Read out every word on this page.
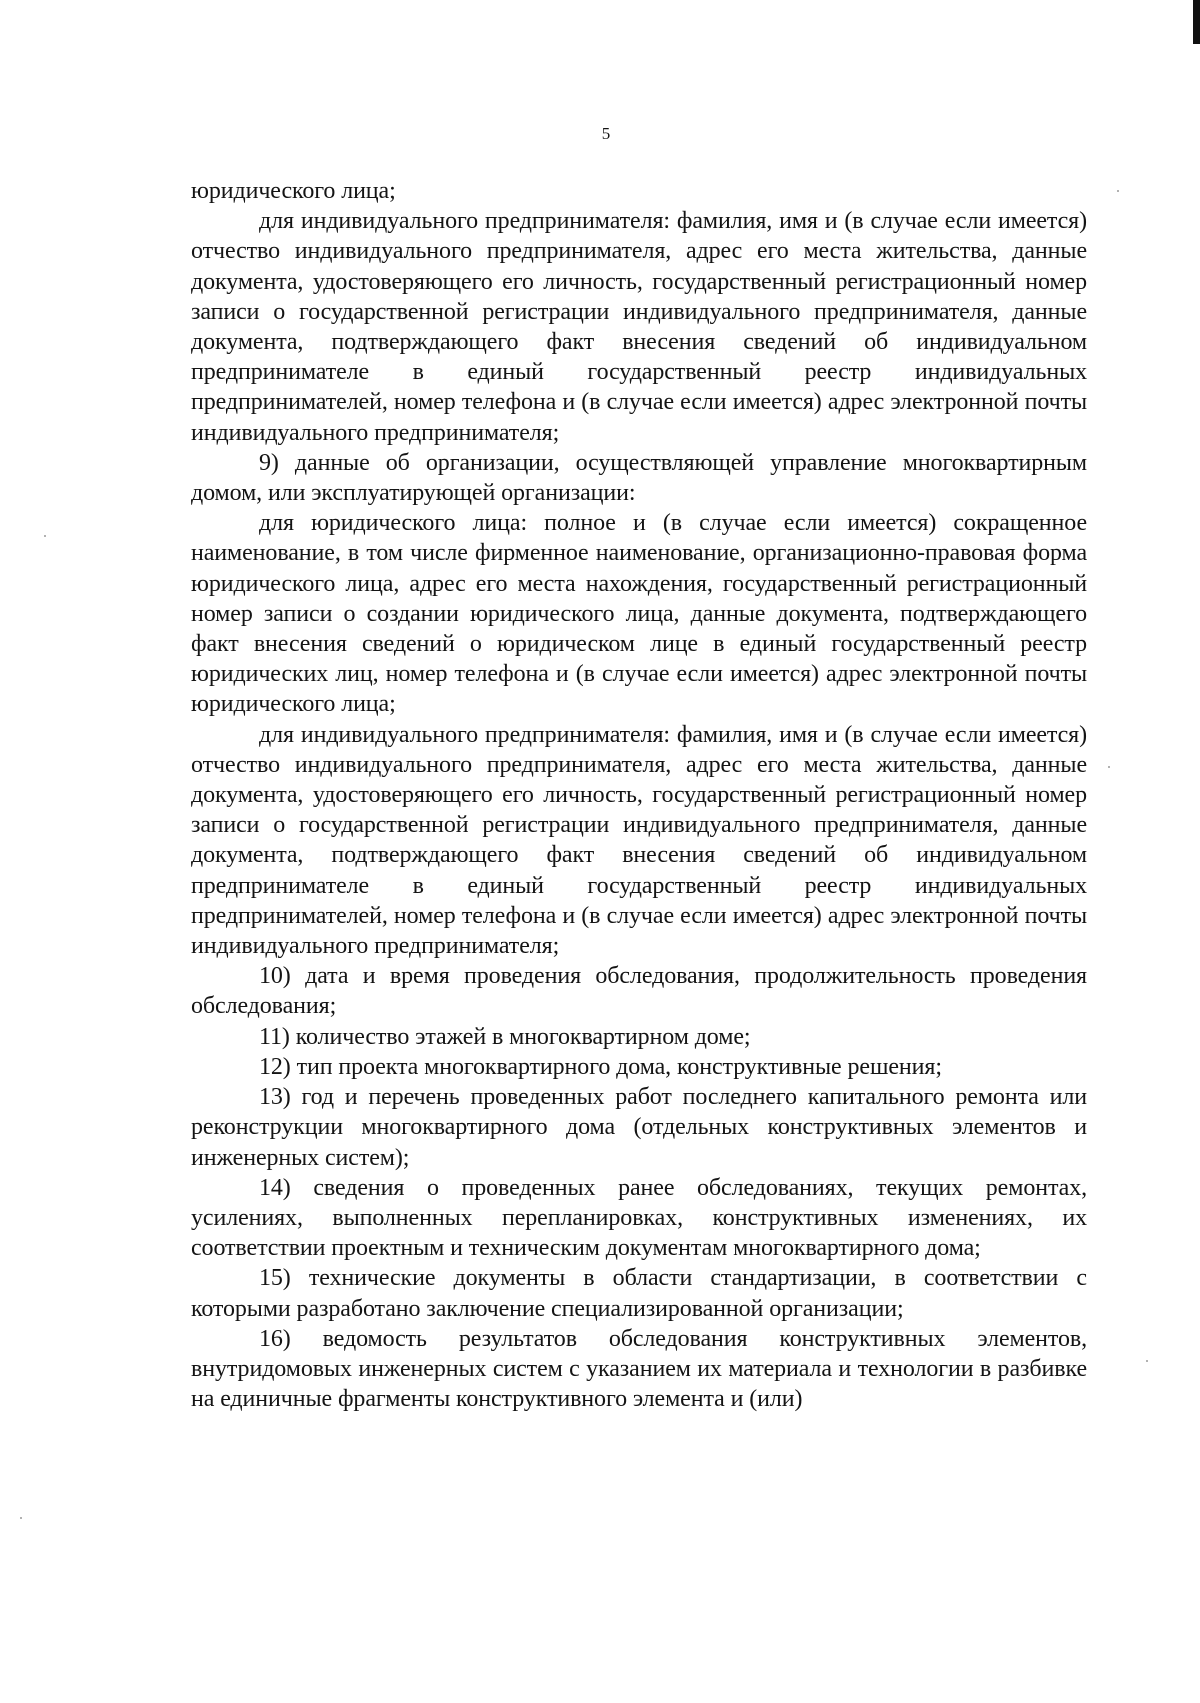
5

юридического лица;

для индивидуального предпринимателя: фамилия, имя и (в случае если имеется) отчество индивидуального предпринимателя, адрес его места жительства, данные документа, удостоверяющего его личность, государственный регистрационный номер записи о государственной регистрации индивидуального предпринимателя, данные документа, подтверждающего факт внесения сведений об индивидуальном предпринимателе в единый государственный реестр индивидуальных предпринимателей, номер телефона и (в случае если имеется) адрес электронной почты индивидуального предпринимателя;

9) данные об организации, осуществляющей управление многоквартирным домом, или эксплуатирующей организации:

для юридического лица: полное и (в случае если имеется) сокращенное наименование, в том числе фирменное наименование, организационно-правовая форма юридического лица, адрес его места нахождения, государственный регистрационный номер записи о создании юридического лица, данные документа, подтверждающего факт внесения сведений о юридическом лице в единый государственный реестр юридических лиц, номер телефона и (в случае если имеется) адрес электронной почты юридического лица;

для индивидуального предпринимателя: фамилия, имя и (в случае если имеется) отчество индивидуального предпринимателя, адрес его места жительства, данные документа, удостоверяющего его личность, государственный регистрационный номер записи о государственной регистрации индивидуального предпринимателя, данные документа, подтверждающего факт внесения сведений об индивидуальном предпринимателе в единый государственный реестр индивидуальных предпринимателей, номер телефона и (в случае если имеется) адрес электронной почты индивидуального предпринимателя;

10) дата и время проведения обследования, продолжительность проведения обследования;

11) количество этажей в многоквартирном доме;

12) тип проекта многоквартирного дома, конструктивные решения;

13) год и перечень проведенных работ последнего капитального ремонта или реконструкции многоквартирного дома (отдельных конструктивных элементов и инженерных систем);

14) сведения о проведенных ранее обследованиях, текущих ремонтах, усилениях, выполненных перепланировках, конструктивных изменениях, их соответствии проектным и техническим документам многоквартирного дома;

15) технические документы в области стандартизации, в соответствии с которыми разработано заключение специализированной организации;

16) ведомость результатов обследования конструктивных элементов, внутридомовых инженерных систем с указанием их материала и технологии в разбивке на единичные фрагменты конструктивного элемента и (или)
